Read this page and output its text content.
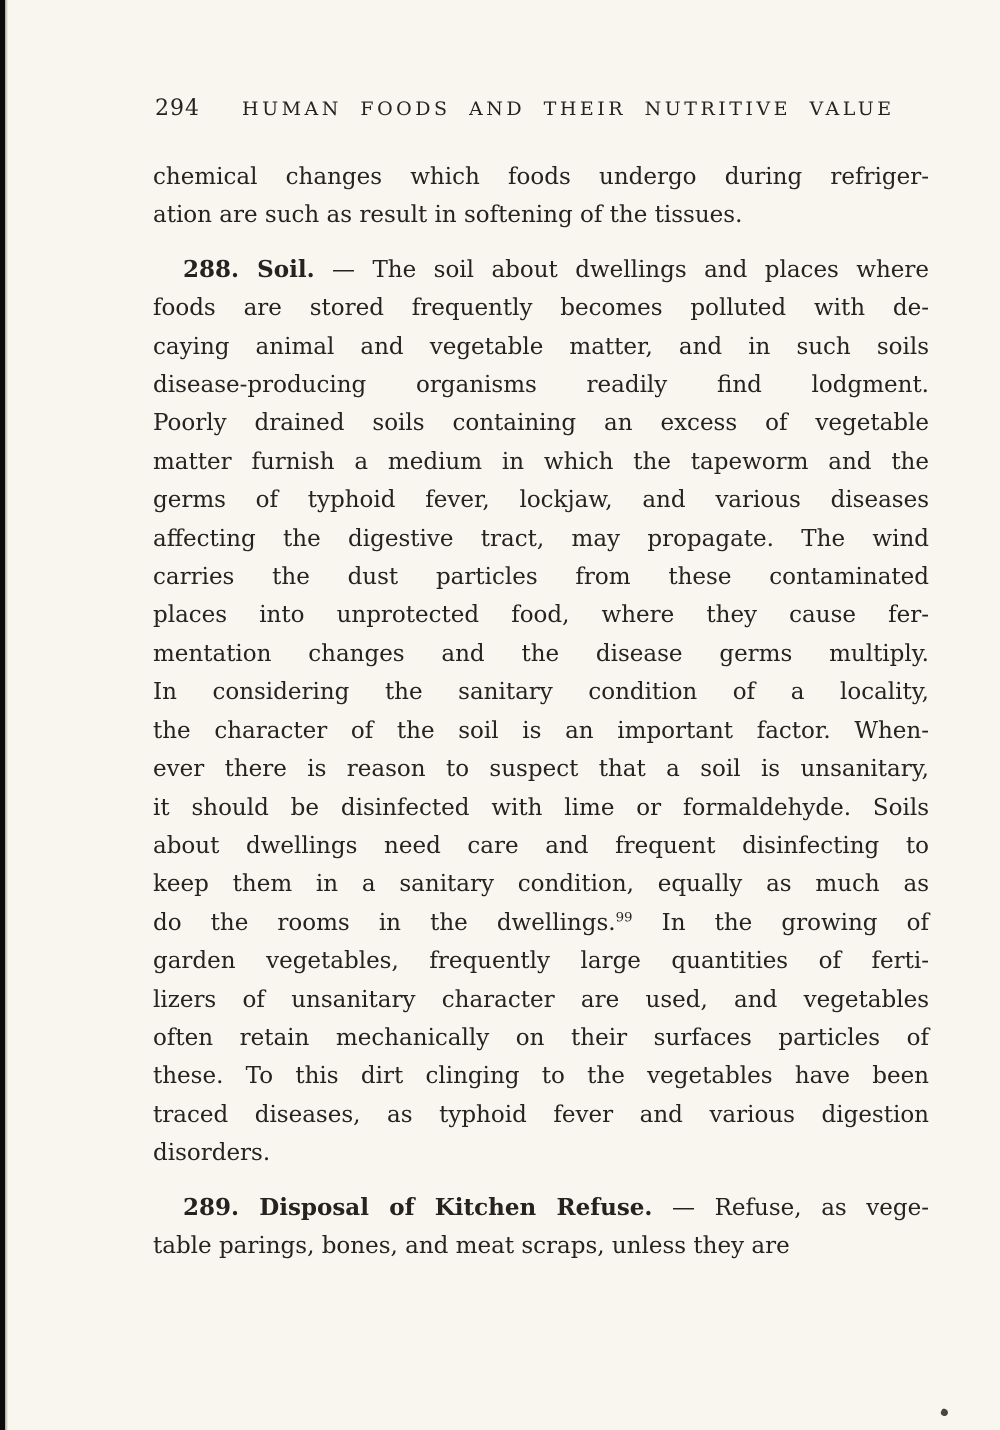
294 HUMAN FOODS AND THEIR NUTRITIVE VALUE
chemical changes which foods undergo during refriger-
ation are such as result in softening of the tissues.
288. Soil. — The soil about dwellings and places where
foods are stored frequently becomes polluted with de-
caying animal and vegetable matter, and in such soils
disease-producing organisms readily find lodgment.
Poorly drained soils containing an excess of vegetable
matter furnish a medium in which the tapeworm and the
germs of typhoid fever, lockjaw, and various diseases
affecting the digestive tract, may propagate. The wind
carries the dust particles from these contaminated
places into unprotected food, where they cause fer-
mentation changes and the disease germs multiply.
In considering the sanitary condition of a locality,
the character of the soil is an important factor. When-
ever there is reason to suspect that a soil is unsanitary,
it should be disinfected with lime or formaldehyde. Soils
about dwellings need care and frequent disinfecting to
keep them in a sanitary condition, equally as much as
do the rooms in the dwellings.$^{99}$ In the growing of
garden vegetables, frequently large quantities of ferti-
lizers of unsanitary character are used, and vegetables
often retain mechanically on their surfaces particles of
these. To this dirt clinging to the vegetables have been
traced diseases, as typhoid fever and various digestion
disorders.
289. Disposal of Kitchen Refuse. — Refuse, as vege-
table parings, bones, and meat scraps, unless they are
